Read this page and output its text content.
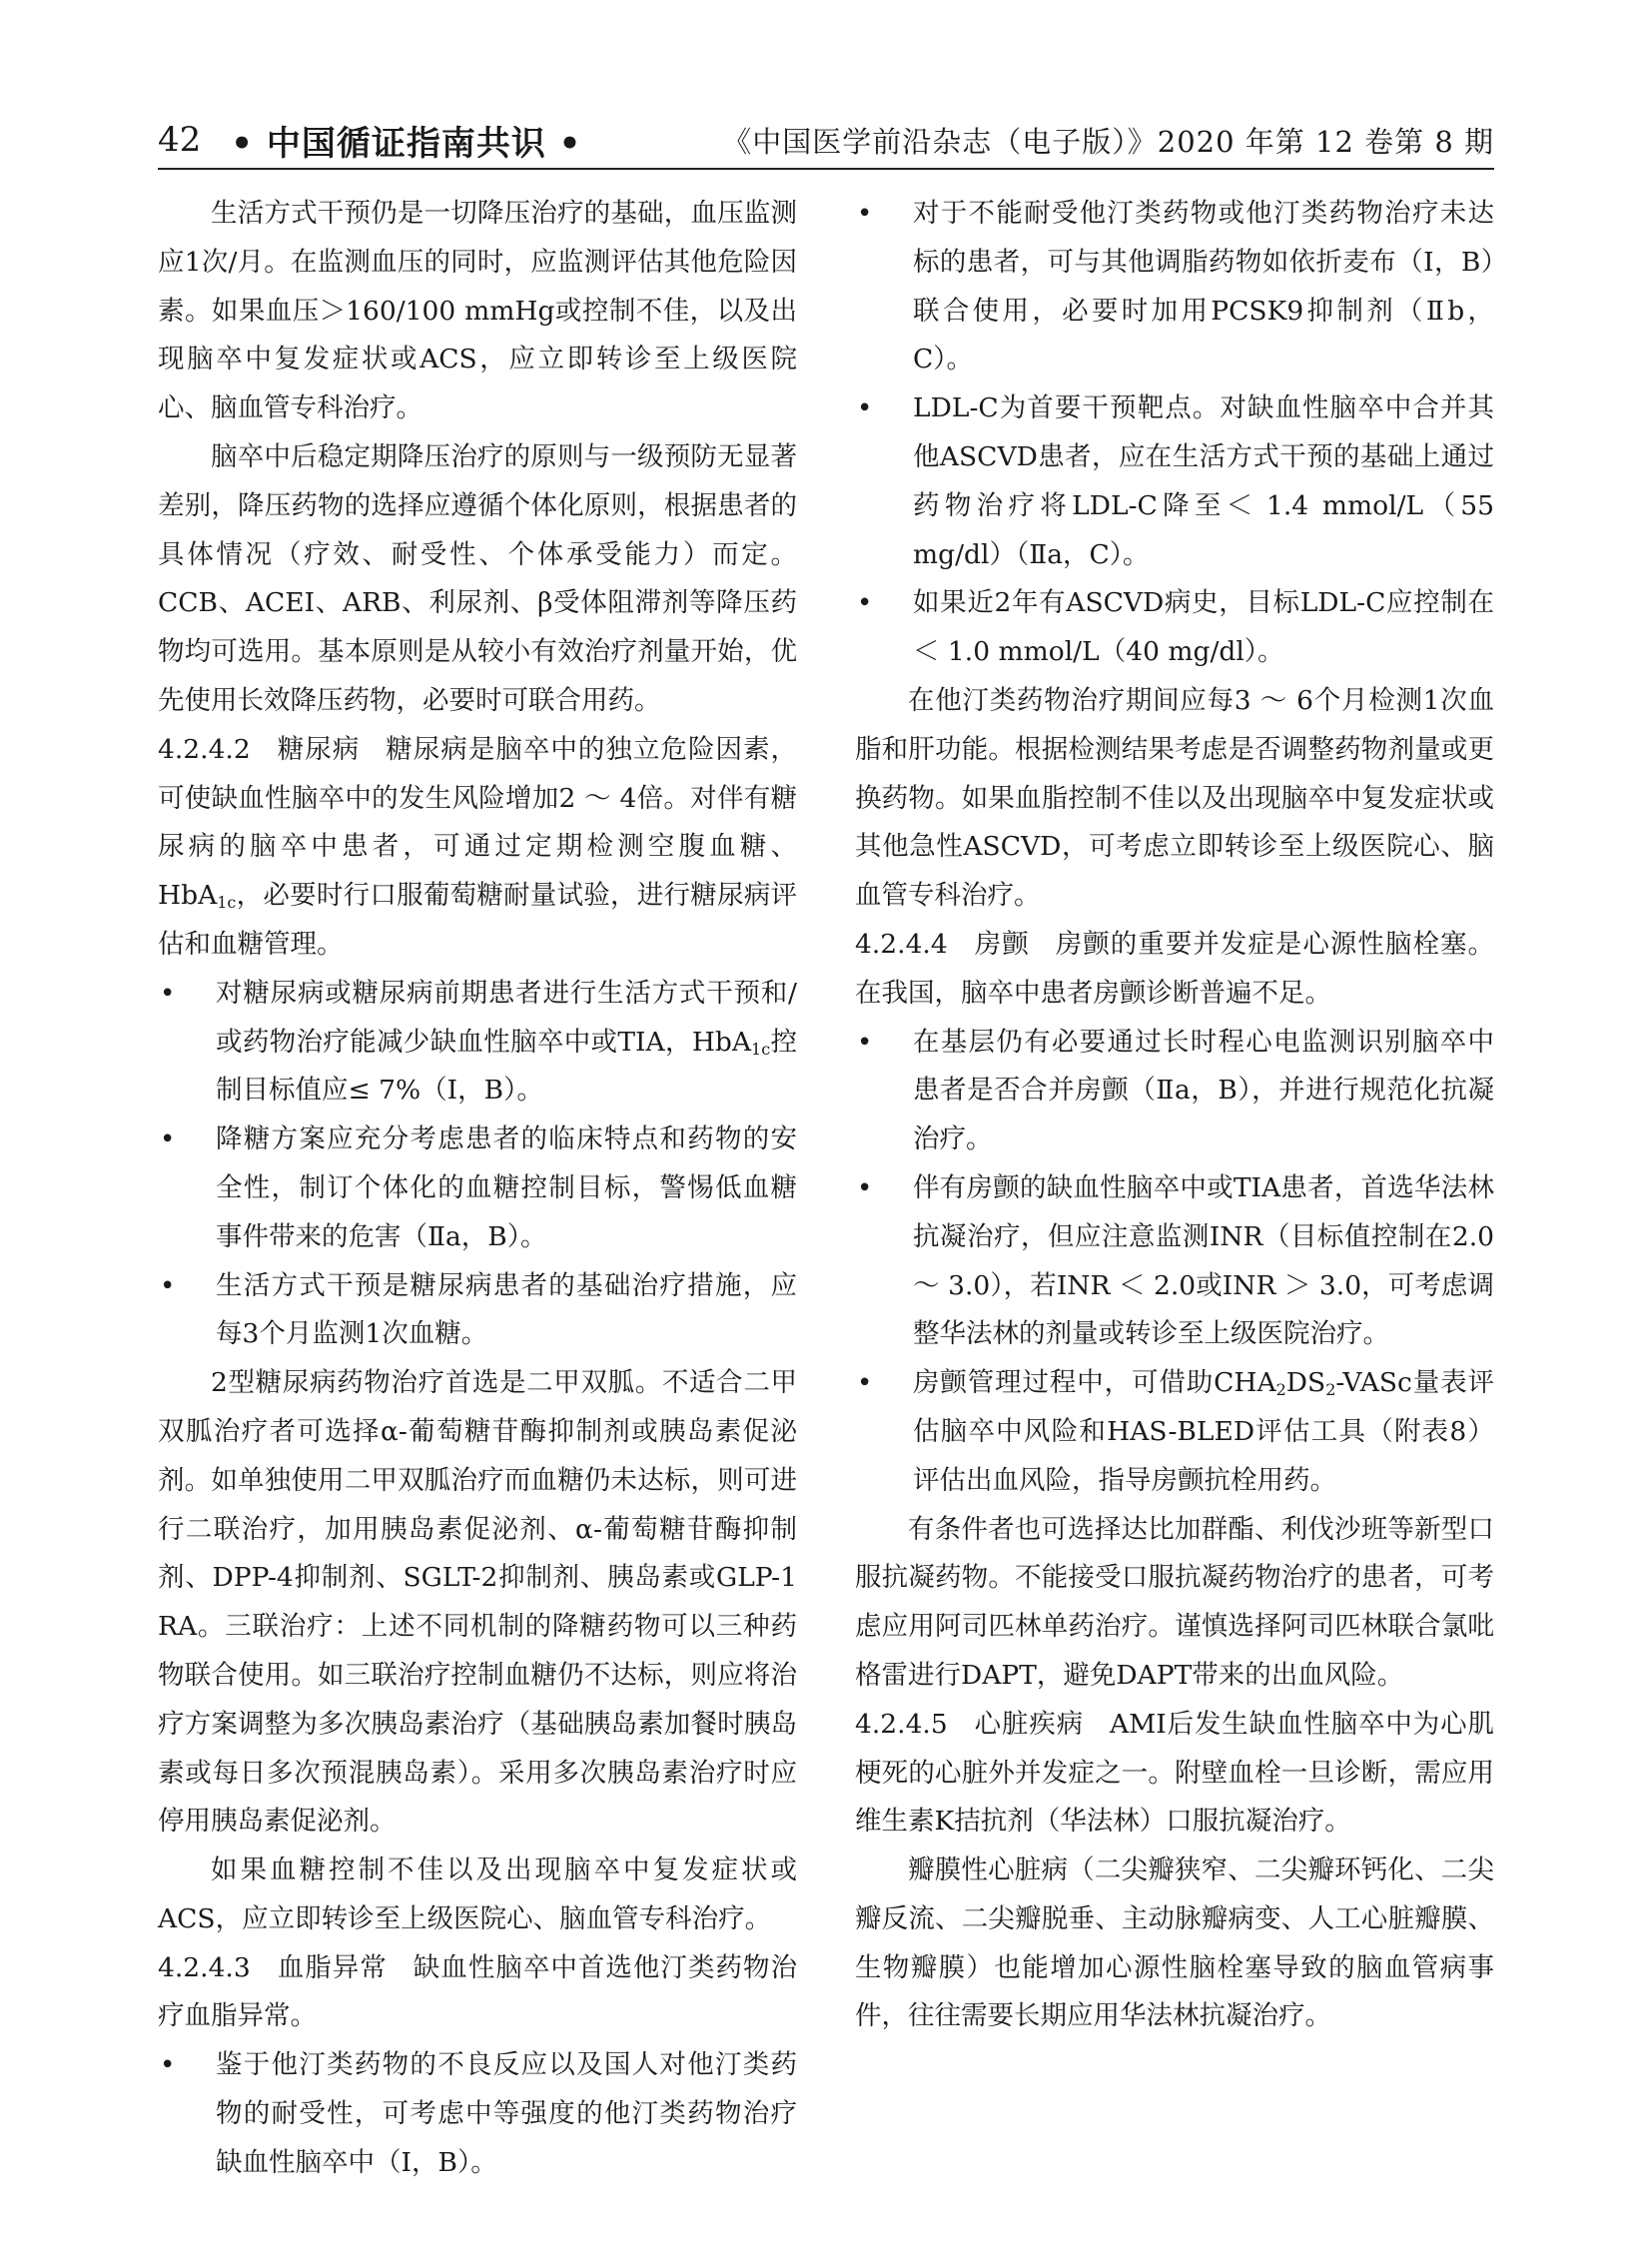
42 • 中国循证指南共识 •	《中国医学前沿杂志（电子版）》2020 年第 12 卷第 8 期

生活方式干预仍是一切降压治疗的基础，血压监测应1次/月。在监测血压的同时，应监测评估其他危险因素。如果血压＞160/100 mmHg或控制不佳，以及出现脑卒中复发症状或ACS，应立即转诊至上级医院心、脑血管专科治疗。

脑卒中后稳定期降压治疗的原则与一级预防无显著差别，降压药物的选择应遵循个体化原则，根据患者的具体情况（疗效、耐受性、个体承受能力）而定。CCB、ACEI、ARB、利尿剂、β受体阻滞剂等降压药物均可选用。基本原则是从较小有效治疗剂量开始，优先使用长效降压药物，必要时可联合用药。

4.2.4.2 糖尿病 糖尿病是脑卒中的独立危险因素，可使缺血性脑卒中的发生风险增加2 ～ 4倍。对伴有糖尿病的脑卒中患者，可通过定期检测空腹血糖、HbA$_{1c}$，必要时行口服葡萄糖耐量试验，进行糖尿病评估和血糖管理。

• 对糖尿病或糖尿病前期患者进行生活方式干预和/或药物治疗能减少缺血性脑卒中或TIA，HbA$_{1c}$控制目标值应≤ 7%（Ⅰ，B）。
• 降糖方案应充分考虑患者的临床特点和药物的安全性，制订个体化的血糖控制目标，警惕低血糖事件带来的危害（Ⅱa，B）。
• 生活方式干预是糖尿病患者的基础治疗措施，应每3个月监测1次血糖。

2型糖尿病药物治疗首选是二甲双胍。不适合二甲双胍治疗者可选择α-葡萄糖苷酶抑制剂或胰岛素促泌剂。如单独使用二甲双胍治疗而血糖仍未达标，则可进行二联治疗，加用胰岛素促泌剂、α-葡萄糖苷酶抑制剂、DPP-4抑制剂、SGLT-2抑制剂、胰岛素或GLP-1 RA。三联治疗：上述不同机制的降糖药物可以三种药物联合使用。如三联治疗控制血糖仍不达标，则应将治疗方案调整为多次胰岛素治疗（基础胰岛素加餐时胰岛素或每日多次预混胰岛素）。采用多次胰岛素治疗时应停用胰岛素促泌剂。

如果血糖控制不佳以及出现脑卒中复发症状或ACS，应立即转诊至上级医院心、脑血管专科治疗。

4.2.4.3 血脂异常 缺血性脑卒中首选他汀类药物治疗血脂异常。

• 鉴于他汀类药物的不良反应以及国人对他汀类药物的耐受性，可考虑中等强度的他汀类药物治疗缺血性脑卒中（Ⅰ，B）。
• 对于不能耐受他汀类药物或他汀类药物治疗未达标的患者，可与其他调脂药物如依折麦布（Ⅰ，B）联合使用，必要时加用PCSK9抑制剂（Ⅱb，C）。
• LDL-C为首要干预靶点。对缺血性脑卒中合并其他ASCVD患者，应在生活方式干预的基础上通过药物治疗将LDL-C降至＜ 1.4 mmol/L（55 mg/dl）（Ⅱa，C）。
• 如果近2年有ASCVD病史，目标LDL-C应控制在＜ 1.0 mmol/L（40 mg/dl）。

在他汀类药物治疗期间应每3 ～ 6个月检测1次血脂和肝功能。根据检测结果考虑是否调整药物剂量或更换药物。如果血脂控制不佳以及出现脑卒中复发症状或其他急性ASCVD，可考虑立即转诊至上级医院心、脑血管专科治疗。

4.2.4.4 房颤 房颤的重要并发症是心源性脑栓塞。在我国，脑卒中患者房颤诊断普遍不足。

• 在基层仍有必要通过长时程心电监测识别脑卒中患者是否合并房颤（Ⅱa，B），并进行规范化抗凝治疗。
• 伴有房颤的缺血性脑卒中或TIA患者，首选华法林抗凝治疗，但应注意监测INR（目标值控制在2.0 ～ 3.0），若INR ＜ 2.0或INR ＞ 3.0，可考虑调整华法林的剂量或转诊至上级医院治疗。
• 房颤管理过程中，可借助$CHA_2DS_2$-VASc量表评估脑卒中风险和HAS-BLED评估工具（附表8）评估出血风险，指导房颤抗栓用药。

有条件者也可选择达比加群酯、利伐沙班等新型口服抗凝药物。不能接受口服抗凝药物治疗的患者，可考虑应用阿司匹林单药治疗。谨慎选择阿司匹林联合氯吡格雷进行DAPT，避免DAPT带来的出血风险。

4.2.4.5 心脏疾病 AMI后发生缺血性脑卒中为心肌梗死的心脏外并发症之一。附壁血栓一旦诊断，需应用维生素K拮抗剂（华法林）口服抗凝治疗。

瓣膜性心脏病（二尖瓣狭窄、二尖瓣环钙化、二尖瓣反流、二尖瓣脱垂、主动脉瓣病变、人工心脏瓣膜、生物瓣膜）也能增加心源性脑栓塞导致的脑血管病事件，往往需要长期应用华法林抗凝治疗。
